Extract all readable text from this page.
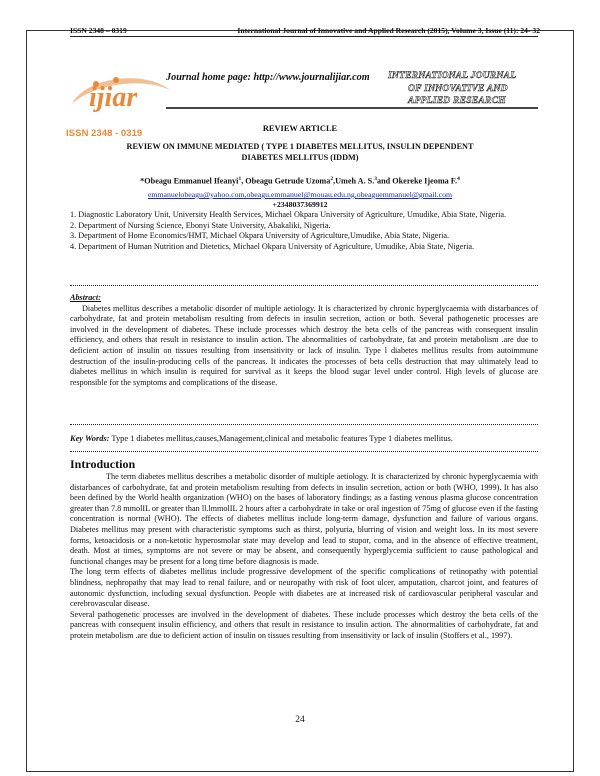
ISSN 2348 – 0319	International Journal of Innovative and Applied Research (2015), Volume 3, Issue (11): 24- 32
ijiar
ISSN 2348 - 0319
Journal home page: http://www.journalijiar.com	INTERNATIONAL JOURNAL
OF INNOVATIVE AND
APPLIED RESEARCH
REVIEW ARTICLE
REVIEW ON IMMUNE MEDIATED ( TYPE 1 DIABETES MELLITUS, INSULIN DEPENDENT
DIABETES MELLITUS (IDDM)
*Obeagu Emmanuel Ifeanyi$^1$, Obeagu Getrude Uzoma$^2$,Umeh A. S.$^3$and Okereke Ijeoma F.$^4$
emmanuelobeagu@yahoo.com,obeagu.emmanuel@mouau.edu.ng,obeaguemmanuel@gmail.com
+2348037369912

1. Diagnostic Laboratory Unit, University Health Services, Michael Okpara University of Agriculture, Umudike, Abia State, Nigeria.

2. Department of Nursing Science, Ebonyi State University, Abakaliki, Nigeria.

3. Department of Home Economics/HMT, Michael Okpara University of Agriculture,Umudike, Abia State, Nigeria.

4. Department of Human Nutrition and Dietetics, Michael Okpara University of Agriculture, Umudike, Abia State, Nigeria.

Abstract:
Diabetes mellitus describes a metabolic disorder of multiple aetiology. It is characterized by chronic hyperglycaemia with distarbances of carbohydrate, fat and protein metabolism resulting from defects in insulin secretion, action or both. Several pathogenetic processes are involved in the development of diabetes. These include processes which destroy the beta cells of the pancreas with consequent insulin efficiency, and others that result in resistance to insulin action. The abnormalities of carbohydrate, fat and protein metabolism .are due to deficient action of insulin on tissues resulting from insensitivity or lack of insulin. Type l diabetes mellitus results from autoimmune destruction of the insulin-producing cells of the pancreas. It indicates the processes of beta cells destruction that may ultimately lead to diabetes mellitus in which insulin is required for survival as it keeps the blood sugar level under control. High levels of glucose are responsible for the symptoms and complications of the disease.
Key Words: Type 1 diabetes mellitus,causes,Management,clinical and metabolic features Type 1 diabetes mellitus.
Introduction

The term diabetes mellitus describes a metabolic disorder of multiple aetiology. It is characterized by chronic hyperglycaemia with distarbances of carbohydrate, fat and protein metabolism resulting from defects in insulin secretion, action or both (WHO, 1999). It has also been defined by the World health organization (WHO) on the bases of laboratory findings; as a fasting venous plasma glucose concentration greater than 7.8 mmolIL or greater than ll.lmmolIL 2 hours after a carbohydrate in take or oral ingestion of 75mg of glucose even if the fasting concentration is normal (WHO). The effects of diabetes mellitus include long-term damage, dysfunction and failure of various organs. Diabetes mellitus may present with characteristic symptoms such as thirst, polyuria, blurring of vision and weight loss. In its most severe forms, ketoacidosis or a non-ketotic hyperosmolar state may develop and lead to stupor, coma, and in the absence of effective treatment, death. Most at times, symptoms are not severe or may be absent, and consequently hyperglycemia sufficient to cause pathological and functional changes may be present for a long time before diagnosis is made.

The long term effects of diabetes mellitus include progressive development of the specific complications of retinopathy with potential blindness, nephropathy that may lead to renal failure, and or neuropathy with risk of foot ulcer, amputation, charcot joint, and features of autonomic dysfunction, including sexual dysfunction. People with diabetes are at increased risk of cardiovascular peripheral vascular and cerebrovascular disease.

Several pathogenetic processes are involved in the development of diabetes. These include processes which destroy the beta cells of the pancreas with consequent insulin efficiency, and others that result in resistance to insulin action. The abnormalities of carbohydrate, fat and protein metabolism .are due to deficient action of insulin on tissues resulting from insensitivity or lack of insulin (Stoffers et al., 1997).

24
